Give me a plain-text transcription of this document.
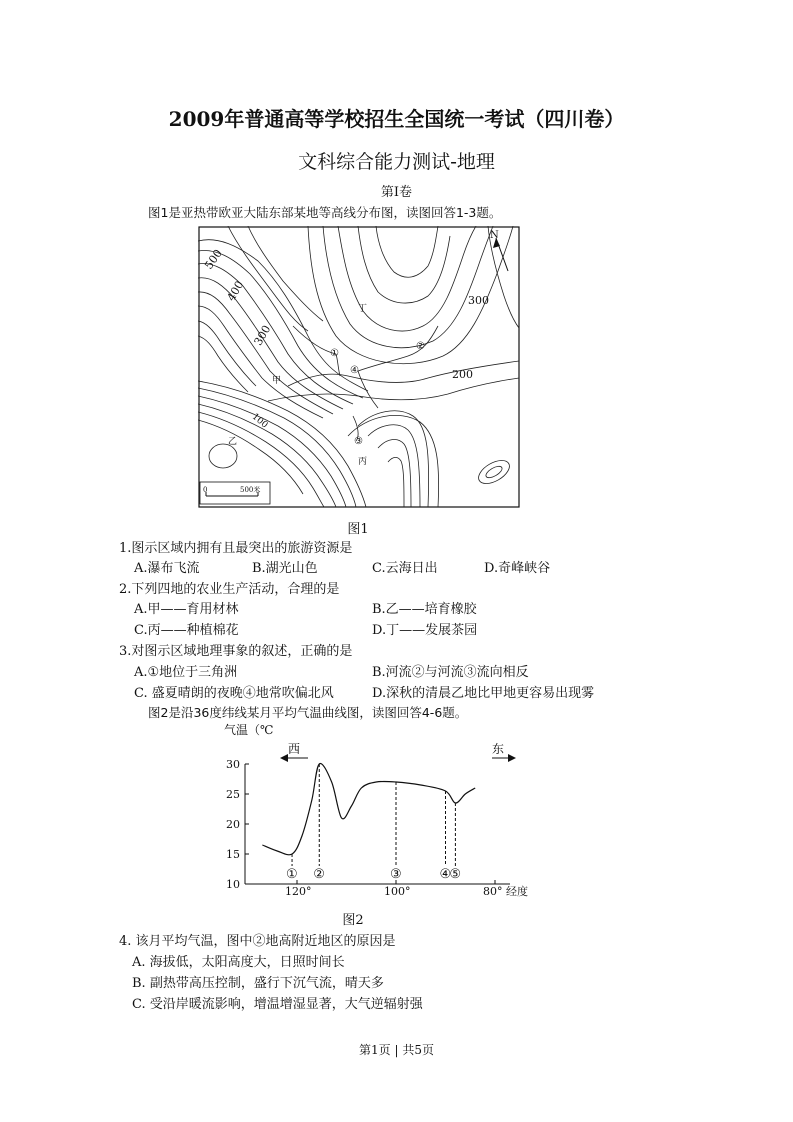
2009年普通高等学校招生全国统一考试（四川卷）
文科综合能力测试-地理
第Ⅰ卷
图1是亚热带欧亚大陆东部某地等高线分布图，读图回答1-3题。
500
400
300
300
200
100
甲
乙
丙
丁
①
②
③
④
N
0	500米
图1
1.图示区域内拥有且最突出的旅游资源是
A.瀑布飞流	B.湖光山色	C.云海日出	D.奇峰峡谷
2.下列四地的农业生产活动，合理的是
A.甲——育用材林	B.乙——培育橡胶
C.丙——种植棉花	D.丁——发展茶园
3.对图示区域地理事象的叙述，正确的是
A.①地位于三角洲	B.河流②与河流③流向相反
C. 盛夏晴朗的夜晚④地常吹偏北风	D.深秋的清晨乙地比甲地更容易出现雾
图2是沿36度纬线某月平均气温曲线图，读图回答4-6题。
气温（℃
经度
西	东
10
15
20
25
30
120°	100°	80°
① ②	③	④
⑤
图2
4. 该月平均气温，图中②地高附近地区的原因是
A. 海拔低，太阳高度大，日照时间长
B. 副热带高压控制，盛行下沉气流，晴天多
C. 受沿岸暖流影响，增温增湿显著，大气逆辐射强
第1页 | 共5页
